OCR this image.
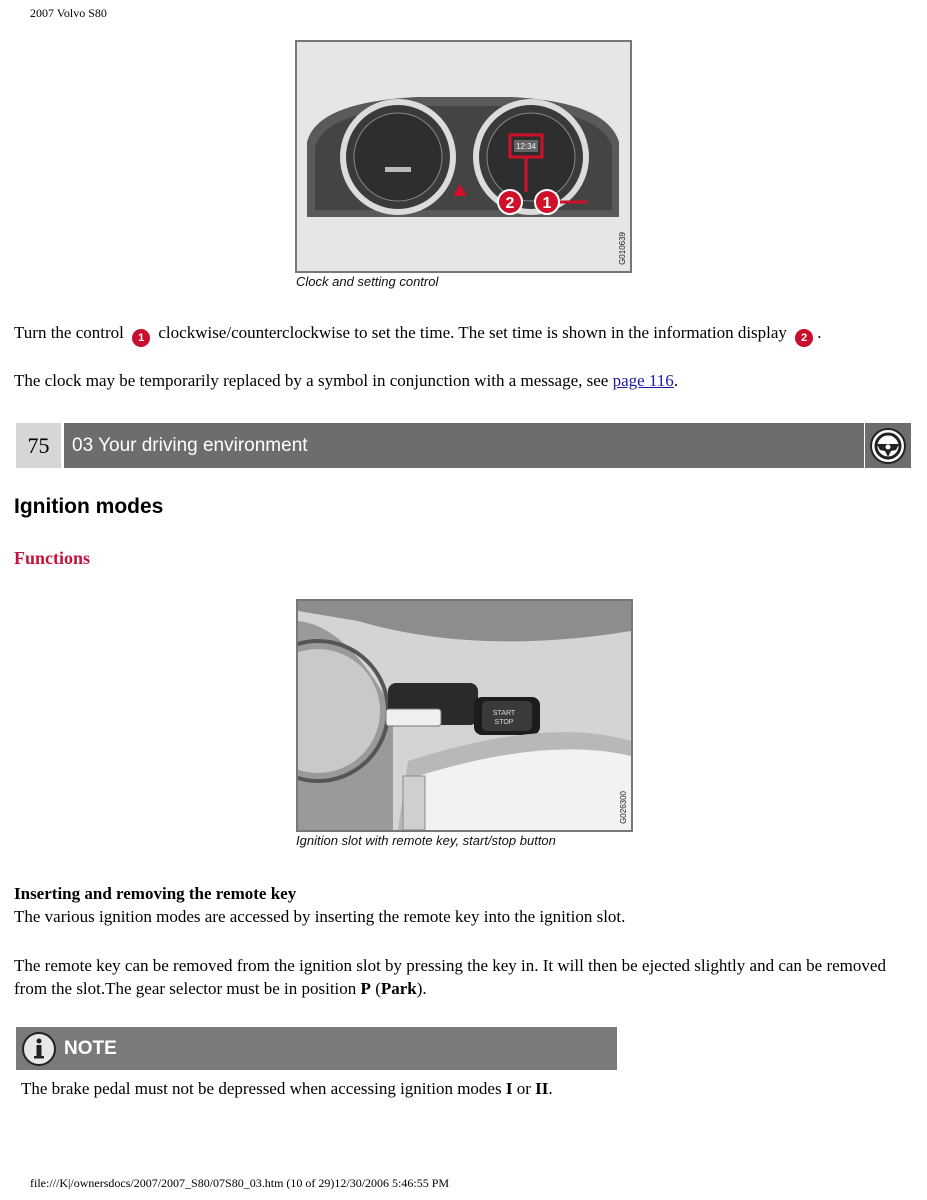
2007 Volvo S80
12:34
2 1
G010639
Clock and setting control
Turn the control 1 clockwise/counterclockwise to set the time. The set time is shown in the information display 2 .
The clock may be temporarily replaced by a symbol in conjunction with a message, see page 116.
75	03 Your driving environment
Ignition modes
Functions
START
STOP
G026300
Ignition slot with remote key, start/stop button
Inserting and removing the remote key
The various ignition modes are accessed by inserting the remote key into the ignition slot.
The remote key can be removed from the ignition slot by pressing the key in. It will then be ejected slightly and can be removed from the slot.The gear selector must be in position P (Park).
NOTE
The brake pedal must not be depressed when accessing ignition modes I or II.
file:///K|/ownersdocs/2007/2007_S80/07S80_03.htm (10 of 29)12/30/2006 5:46:55 PM
